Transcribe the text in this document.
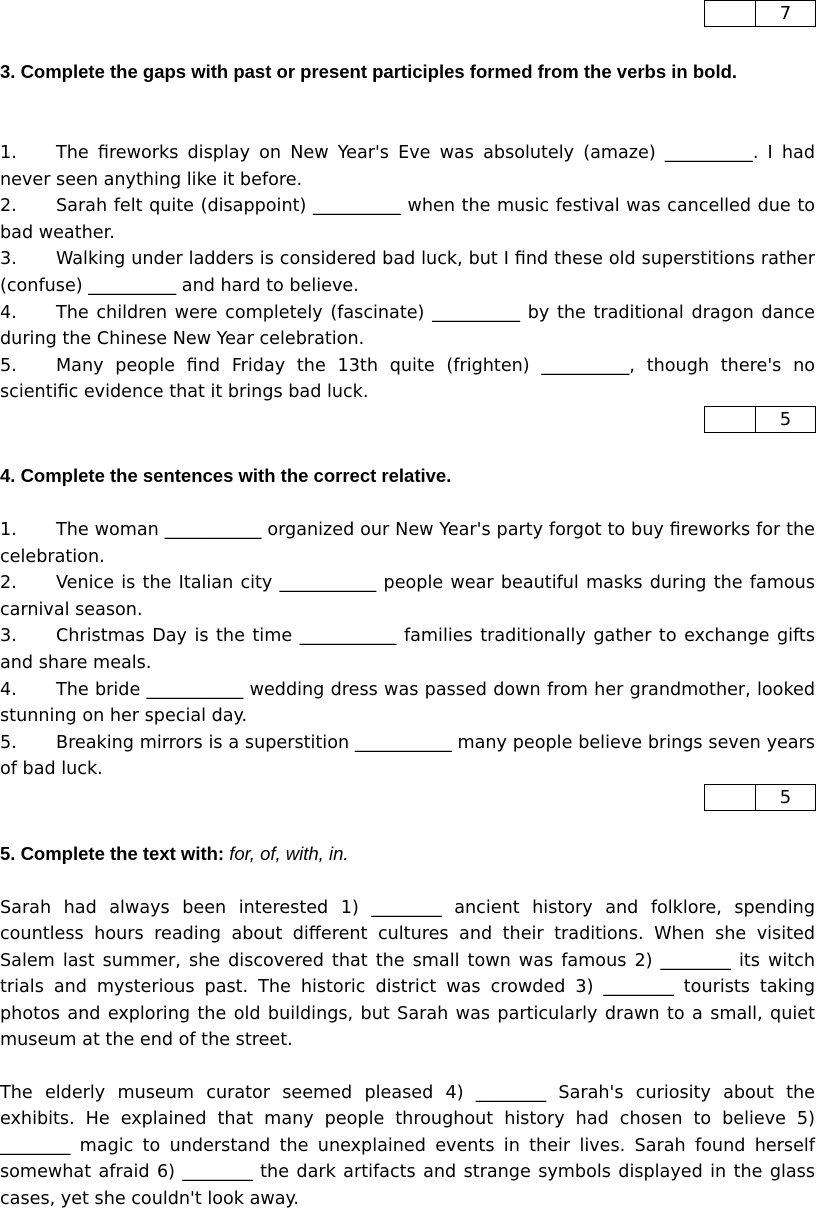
7
3. Complete the gaps with past or present participles formed from the verbs in bold.
1. The fireworks display on New Year's Eve was absolutely (amaze) __________. I had never seen anything like it before.
2. Sarah felt quite (disappoint) __________ when the music festival was cancelled due to bad weather.
3. Walking under ladders is considered bad luck, but I find these old superstitions rather (confuse) __________ and hard to believe.
4. The children were completely (fascinate) __________ by the traditional dragon dance during the Chinese New Year celebration.
5. Many people find Friday the 13th quite (frighten) __________, though there's no scientific evidence that it brings bad luck.
5
4. Complete the sentences with the correct relative.
1. The woman ___________ organized our New Year's party forgot to buy fireworks for the celebration.
2. Venice is the Italian city ___________ people wear beautiful masks during the famous carnival season.
3. Christmas Day is the time ___________ families traditionally gather to exchange gifts and share meals.
4. The bride ___________ wedding dress was passed down from her grandmother, looked stunning on her special day.
5. Breaking mirrors is a superstition ___________ many people believe brings seven years of bad luck.
5
5. Complete the text with: for, of, with, in.

Sarah had always been interested 1) ________ ancient history and folklore, spending countless hours reading about different cultures and their traditions. When she visited Salem last summer, she discovered that the small town was famous 2) ________ its witch trials and mysterious past. The historic district was crowded 3) ________ tourists taking photos and exploring the old buildings, but Sarah was particularly drawn to a small, quiet museum at the end of the street.

The elderly museum curator seemed pleased 4) ________ Sarah's curiosity about the exhibits. He explained that many people throughout history had chosen to believe 5) ________ magic to understand the unexplained events in their lives. Sarah found herself somewhat afraid 6) ________ the dark artifacts and strange symbols displayed in the glass cases, yet she couldn't look away.
